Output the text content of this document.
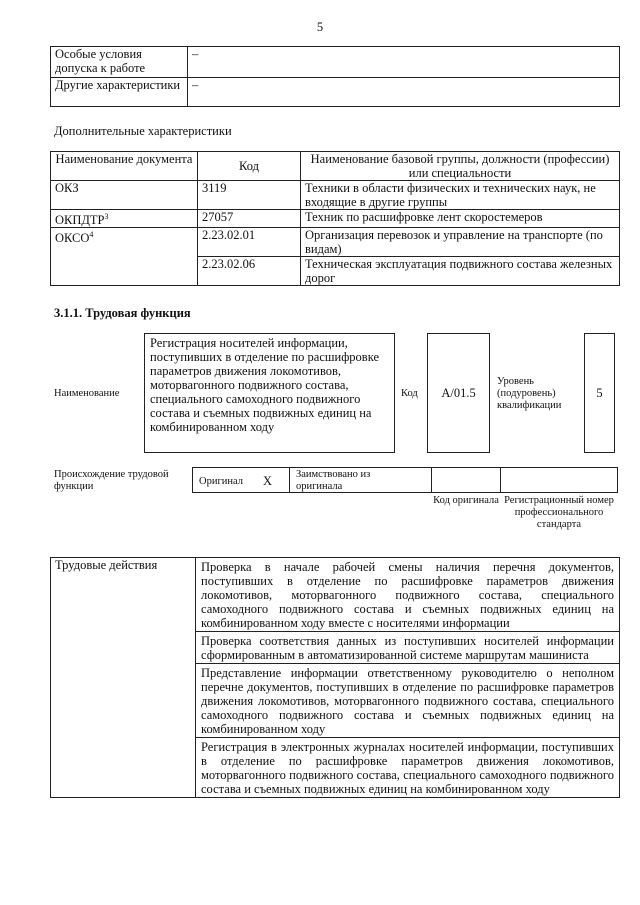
5
Особые условия допуска к работе	–
Другие характеристики	–
Дополнительные характеристики
Наименование документа	Код	Наименование базовой группы, должности (профессии) или специальности
ОКЗ	3119	Техники в области физических и технических наук, не входящие в другие группы
ОКПДТР$^3$	27057	Техник по расшифровке лент скоростемеров
ОКСО$^4$	2.23.02.01	Организация перевозок и управление на транспорте (по видам)
	2.23.02.06	Техническая эксплуатация подвижного состава железных дорог
3.1.1. Трудовая функция
Наименование
Регистрация носителей информации, поступивших в отделение по расшифровке параметров движения локомотивов, моторвагонного подвижного состава, специального самоходного подвижного состава и съемных подвижных единиц на комбинированном ходу
Код А/01.5
Уровень (подуровень) квалификации
5
Происхождение трудовой функции	Оригинал X Заимствовано из оригинала
Код оригинала Регистрационный номер профессионального стандарта
Трудовые действия	Проверка в начале рабочей смены наличия перечня документов, поступивших в отделение по расшифровке параметров движения локомотивов, моторвагонного подвижного состава, специального самоходного подвижного состава и съемных подвижных единиц на комбинированном ходу вместе с носителями информации
Проверка соответствия данных из поступивших носителей информации сформированным в автоматизированной системе маршрутам машиниста
Представление информации ответственному руководителю о неполном перечне документов, поступивших в отделение по расшифровке параметров движения локомотивов, моторвагонного подвижного состава, специального самоходного подвижного состава и съемных подвижных единиц на комбинированном ходу
Регистрация в электронных журналах носителей информации, поступивших в отделение по расшифровке параметров движения локомотивов, моторвагонного подвижного состава, специального самоходного подвижного состава и съемных подвижных единиц на комбинированном ходу
